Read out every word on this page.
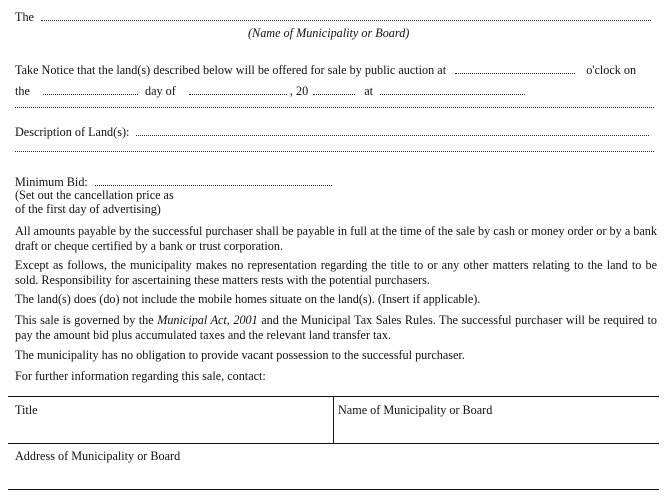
The
(Name of Municipality or Board)
Take Notice that the land(s) described below will be offered for sale by public auction at	o'clock on
the	day of	, 20	at
Description of Land(s):
Minimum Bid:
(Set out the cancellation price as
of the first day of advertising)
All amounts payable by the successful purchaser shall be payable in full at the time of the sale by cash or money order or by a bank draft or cheque certified by a bank or trust corporation.
Except as follows, the municipality makes no representation regarding the title to or any other matters relating to the land to be sold. Responsibility for ascertaining these matters rests with the potential purchasers.
The land(s) does (do) not include the mobile homes situate on the land(s). (Insert if applicable).
This sale is governed by the Municipal Act, 2001 and the Municipal Tax Sales Rules. The successful purchaser will be required to pay the amount bid plus accumulated taxes and the relevant land transfer tax.
The municipality has no obligation to provide vacant possession to the successful purchaser.
For further information regarding this sale, contact:
Title	Name of Municipality or Board
Address of Municipality or Board
